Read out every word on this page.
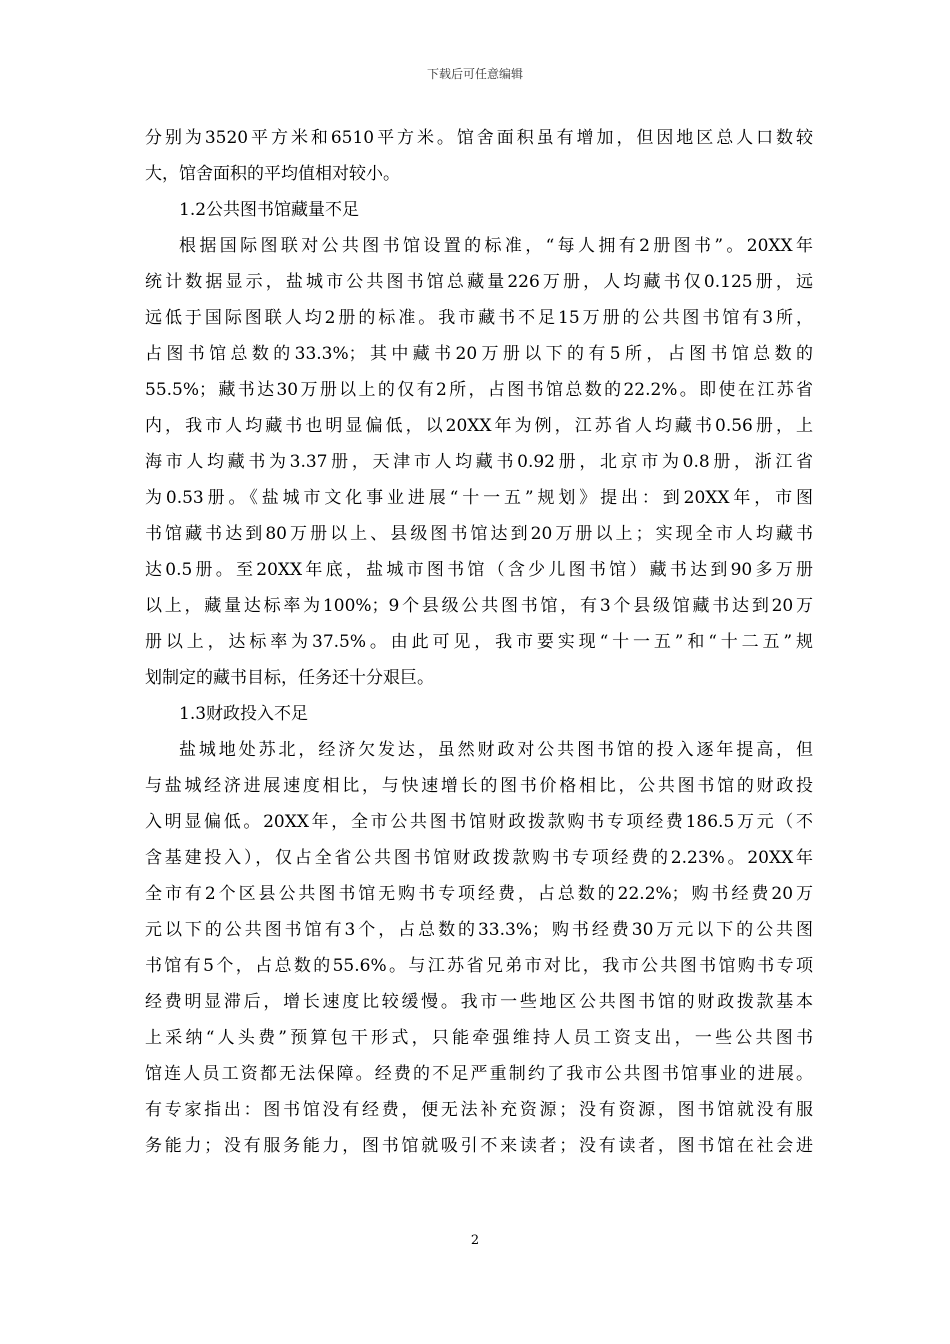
下载后可任意编辑
分别为3520平方米和6510平方米。馆舍面积虽有增加，但因地区总人口数较
大，馆舍面积的平均值相对较小。
1.2公共图书馆藏量不足
根据国际图联对公共图书馆设置的标准，“每人拥有2册图书”。20XX年
统计数据显示，盐城市公共图书馆总藏量226万册，人均藏书仅0.125册，远
远低于国际图联人均2册的标准。我市藏书不足15万册的公共图书馆有3所，
占图书馆总数的33.3%；其中藏书20万册以下的有5所，占图书馆总数的
55.5%；藏书达30万册以上的仅有2所，占图书馆总数的22.2%。即使在江苏省
内，我市人均藏书也明显偏低，以20XX年为例，江苏省人均藏书0.56册，上
海市人均藏书为3.37册，天津市人均藏书0.92册，北京市为0.8册，浙江省
为0.53册。《盐城市文化事业进展“十一五”规划》提出：到20XX年，市图
书馆藏书达到80万册以上、县级图书馆达到20万册以上；实现全市人均藏书
达0.5册。至20XX年底，盐城市图书馆（含少儿图书馆）藏书达到90多万册
以上，藏量达标率为100%；9个县级公共图书馆，有3个县级馆藏书达到20万
册以上，达标率为37.5%。由此可见，我市要实现“十一五”和“十二五”规
划制定的藏书目标，任务还十分艰巨。
1.3财政投入不足
盐城地处苏北，经济欠发达，虽然财政对公共图书馆的投入逐年提高，但
与盐城经济进展速度相比，与快速增长的图书价格相比，公共图书馆的财政投
入明显偏低。20XX年，全市公共图书馆财政拨款购书专项经费186.5万元（不
含基建投入），仅占全省公共图书馆财政拨款购书专项经费的2.23%。20XX年
全市有2个区县公共图书馆无购书专项经费，占总数的22.2%；购书经费20万
元以下的公共图书馆有3个，占总数的33.3%；购书经费30万元以下的公共图
书馆有5个，占总数的55.6%。与江苏省兄弟市对比，我市公共图书馆购书专项
经费明显滞后，增长速度比较缓慢。我市一些地区公共图书馆的财政拨款基本
上采纳“人头费”预算包干形式，只能牵强维持人员工资支出，一些公共图书
馆连人员工资都无法保障。经费的不足严重制约了我市公共图书馆事业的进展。
有专家指出：图书馆没有经费，便无法补充资源；没有资源，图书馆就没有服
务能力；没有服务能力，图书馆就吸引不来读者；没有读者，图书馆在社会进
2
